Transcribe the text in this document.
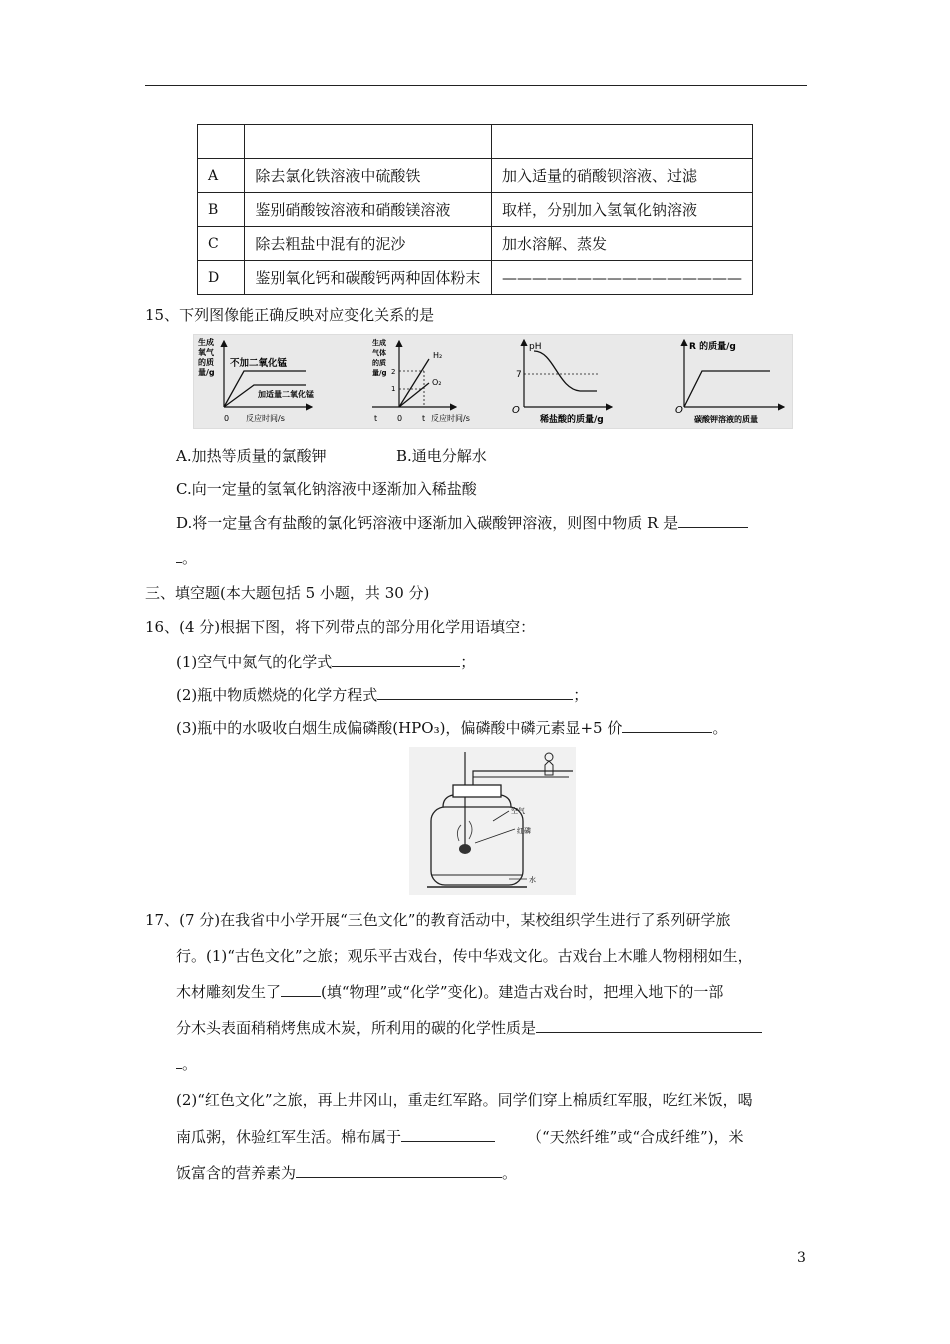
A	除去氯化铁溶液中硫酸铁	加入适量的硝酸钡溶液、过滤
B	鉴别硝酸铵溶液和硝酸镁溶液	取样，分别加入氢氧化钠溶液
C	除去粗盐中混有的泥沙	加水溶解、蒸发
D	鉴别氧化钙和碳酸钙两种固体粉末	————————————————
15、下列图像能正确反映对应变化关系的是
生成
氧气
的质
量/g
不加二氧化锰
加适量二氧化锰
0 反应时间/s
生成
气体
的质
量/g
H₂
O₂
2
1
t 0 t 反应时间/s
pH
7
O
稀盐酸的质量/g
R 的质量/g
O
碳酸钾溶液的质量
A.加热等质量的氯酸钾	B.通电分解水
C.向一定量的氢氧化钠溶液中逐渐加入稀盐酸
D.将一定量含有盐酸的氯化钙溶液中逐渐加入碳酸钾溶液，则图中物质 R 是
。
三、填空题(本大题包括 5 小题，共 30 分)
16、(4 分)根据下图，将下列带点的部分用化学用语填空：
(1)空气中氮气的化学式	；
(2)瓶中物质燃烧的化学方程式	；
(3)瓶中的水吸收白烟生成偏磷酸(HPO₃)，偏磷酸中磷元素显+5 价	。
空气
红磷
水
17、(7 分)在我省中小学开展“三色文化”的教育活动中，某校组织学生进行了系列研学旅
行。(1)“古色文化”之旅；观乐平古戏台，传中华戏文化。古戏台上木雕人物栩栩如生，
木材雕刻发生了	(填“物理”或“化学”变化)。建造古戏台时，把埋入地下的一部
分木头表面稍稍烤焦成木炭，所利用的碳的化学性质是
。
(2)“红色文化”之旅，再上井冈山，重走红军路。同学们穿上棉质红军服，吃红米饭，喝
南瓜粥，休验红军生活。棉布属于	（“天然纤维”或“合成纤维”)，米
饭富含的营养素为	。
3
